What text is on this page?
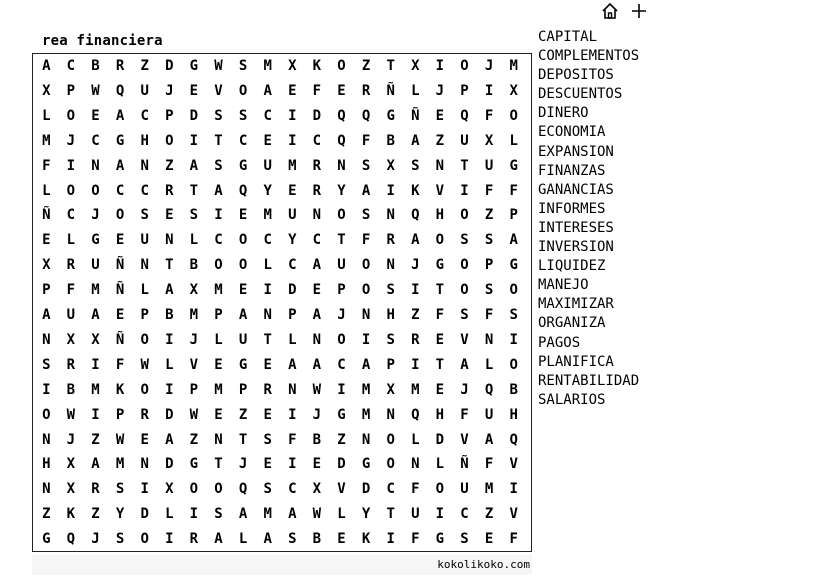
rea financiera
A	C	B	R	Z	D	G	W	S	M	X	K	O	Z	T	X	I	O	J	M
X	P	W	Q	U	J	E	V	O	A	E	F	E	R	Ñ	L	J	P	I	X
L	O	E	A	C	P	D	S	S	C	I	D	Q	Q	G	Ñ	E	Q	F	O
M	J	C	G	H	O	I	T	C	E	I	C	Q	F	B	A	Z	U	X	L
F	I	N	A	N	Z	A	S	G	U	M	R	N	S	X	S	N	T	U	G
L	O	O	C	C	R	T	A	Q	Y	E	R	Y	A	I	K	V	I	F	F
Ñ	C	J	O	S	E	S	I	E	M	U	N	O	S	N	Q	H	O	Z	P
E	L	G	E	U	N	L	C	O	C	Y	C	T	F	R	A	O	S	S	A
X	R	U	Ñ	N	T	B	O	O	L	C	A	U	O	N	J	G	O	P	G
P	F	M	Ñ	L	A	X	M	E	I	D	E	P	O	S	I	T	O	S	O
A	U	A	E	P	B	M	P	A	N	P	A	J	N	H	Z	F	S	F	S
N	X	X	Ñ	O	I	J	L	U	T	L	N	O	I	S	R	E	V	N	I
S	R	I	F	W	L	V	E	G	E	A	A	C	A	P	I	T	A	L	O
I	B	M	K	O	I	P	M	P	R	N	W	I	M	X	M	E	J	Q	B
O	W	I	P	R	D	W	E	Z	E	I	J	G	M	N	Q	H	F	U	H
N	J	Z	W	E	A	Z	N	T	S	F	B	Z	N	O	L	D	V	A	Q
H	X	A	M	N	D	G	T	J	E	I	E	D	G	O	N	L	Ñ	F	V
N	X	R	S	I	X	O	O	Q	S	C	X	V	D	C	F	O	U	M	I
Z	K	Z	Y	D	L	I	S	A	M	A	W	L	Y	T	U	I	C	Z	V
G	Q	J	S	O	I	R	A	L	A	S	B	E	K	I	F	G	S	E	F
CAPITAL
COMPLEMENTOS
DEPOSITOS
DESCUENTOS
DINERO
ECONOMIA
EXPANSION
FINANZAS
GANANCIAS
INFORMES
INTERESES
INVERSION
LIQUIDEZ
MANEJO
MAXIMIZAR
ORGANIZA
PAGOS
PLANIFICA
RENTABILIDAD
SALARIOS
kokolikoko.com
